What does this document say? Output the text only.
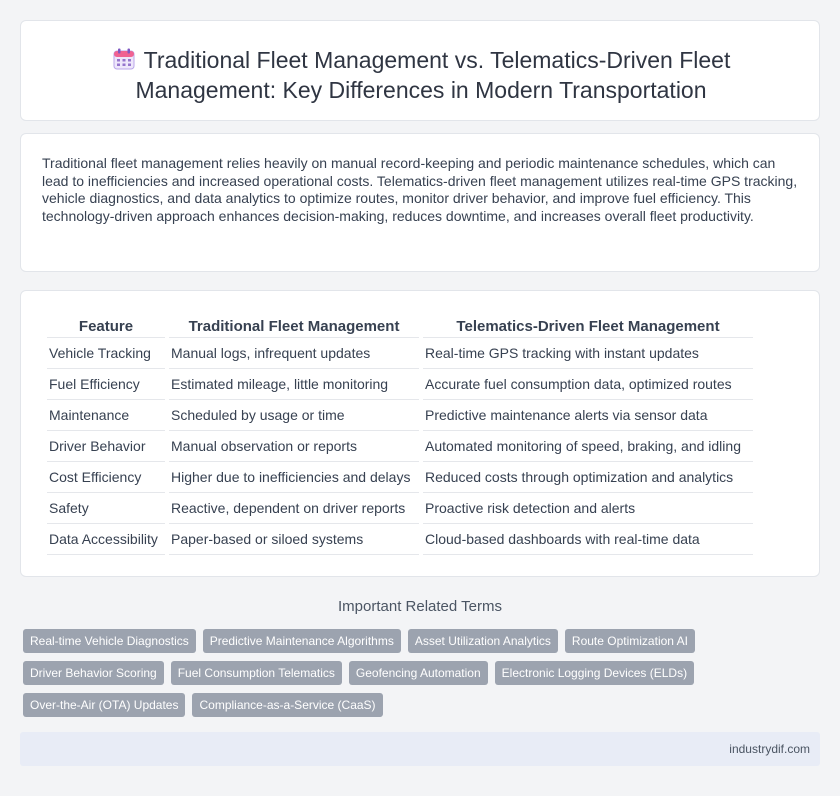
Traditional Fleet Management vs. Telematics-Driven Fleet Management: Key Differences in Modern Transportation

Traditional fleet management relies heavily on manual record-keeping and periodic maintenance schedules, which can lead to inefficiencies and increased operational costs. Telematics-driven fleet management utilizes real-time GPS tracking, vehicle diagnostics, and data analytics to optimize routes, monitor driver behavior, and improve fuel efficiency. This technology-driven approach enhances decision-making, reduces downtime, and increases overall fleet productivity.

Feature	Traditional Fleet Management	Telematics-Driven Fleet Management
Vehicle Tracking	Manual logs, infrequent updates	Real-time GPS tracking with instant updates
Fuel Efficiency	Estimated mileage, little monitoring	Accurate fuel consumption data, optimized routes
Maintenance	Scheduled by usage or time	Predictive maintenance alerts via sensor data
Driver Behavior	Manual observation or reports	Automated monitoring of speed, braking, and idling
Cost Efficiency	Higher due to inefficiencies and delays	Reduced costs through optimization and analytics
Safety	Reactive, dependent on driver reports	Proactive risk detection and alerts
Data Accessibility	Paper-based or siloed systems	Cloud-based dashboards with real-time data
Important Related Terms
Real-time Vehicle Diagnostics	Predictive Maintenance Algorithms	Asset Utilization Analytics	Route Optimization AI
Driver Behavior Scoring	Fuel Consumption Telematics	Geofencing Automation	Electronic Logging Devices (ELDs)
Over-the-Air (OTA) Updates	Compliance-as-a-Service (CaaS)
industrydif.com
